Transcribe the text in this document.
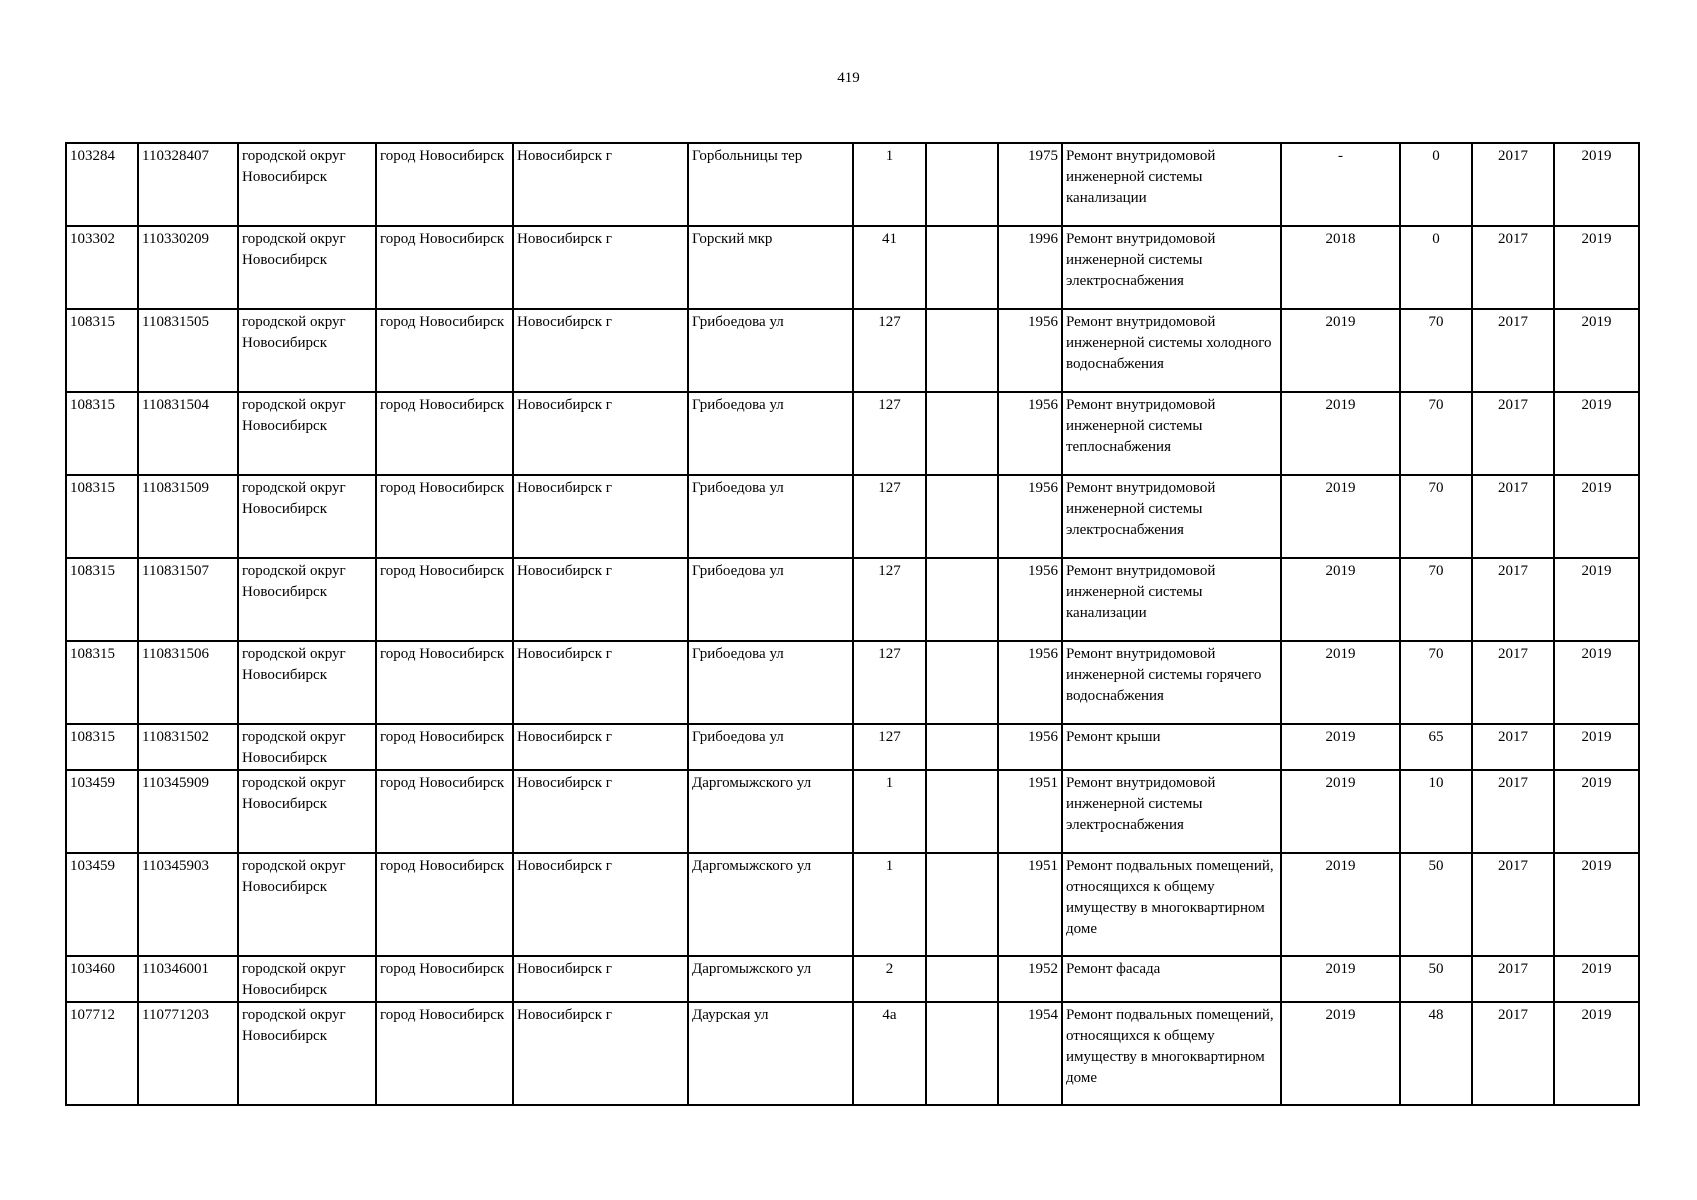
419
103284	110328407	городской округ Новосибирск	город Новосибирск	Новосибирск г	Горбольницы тер	1		1975	Ремонт внутридомовой инженерной системы канализации	-	0	2017	2019
103302	110330209	городской округ Новосибирск	город Новосибирск	Новосибирск г	Горский мкр	41		1996	Ремонт внутридомовой инженерной системы электроснабжения	2018	0	2017	2019
108315	110831505	городской округ Новосибирск	город Новосибирск	Новосибирск г	Грибоедова ул	127		1956	Ремонт внутридомовой инженерной системы холодного водоснабжения	2019	70	2017	2019
108315	110831504	городской округ Новосибирск	город Новосибирск	Новосибирск г	Грибоедова ул	127		1956	Ремонт внутридомовой инженерной системы теплоснабжения	2019	70	2017	2019
108315	110831509	городской округ Новосибирск	город Новосибирск	Новосибирск г	Грибоедова ул	127		1956	Ремонт внутридомовой инженерной системы электроснабжения	2019	70	2017	2019
108315	110831507	городской округ Новосибирск	город Новосибирск	Новосибирск г	Грибоедова ул	127		1956	Ремонт внутридомовой инженерной системы канализации	2019	70	2017	2019
108315	110831506	городской округ Новосибирск	город Новосибирск	Новосибирск г	Грибоедова ул	127		1956	Ремонт внутридомовой инженерной системы горячего водоснабжения	2019	70	2017	2019
108315	110831502	городской округ Новосибирск	город Новосибирск	Новосибирск г	Грибоедова ул	127		1956	Ремонт крыши	2019	65	2017	2019
103459	110345909	городской округ Новосибирск	город Новосибирск	Новосибирск г	Даргомыжского ул	1		1951	Ремонт внутридомовой инженерной системы электроснабжения	2019	10	2017	2019
103459	110345903	городской округ Новосибирск	город Новосибирск	Новосибирск г	Даргомыжского ул	1		1951	Ремонт подвальных помещений, относящихся к общему имуществу в многоквартирном доме	2019	50	2017	2019
103460	110346001	городской округ Новосибирск	город Новосибирск	Новосибирск г	Даргомыжского ул	2		1952	Ремонт фасада	2019	50	2017	2019
107712	110771203	городской округ Новосибирск	город Новосибирск	Новосибирск г	Даурская ул	4а		1954	Ремонт подвальных помещений, относящихся к общему имуществу в многоквартирном доме	2019	48	2017	2019
